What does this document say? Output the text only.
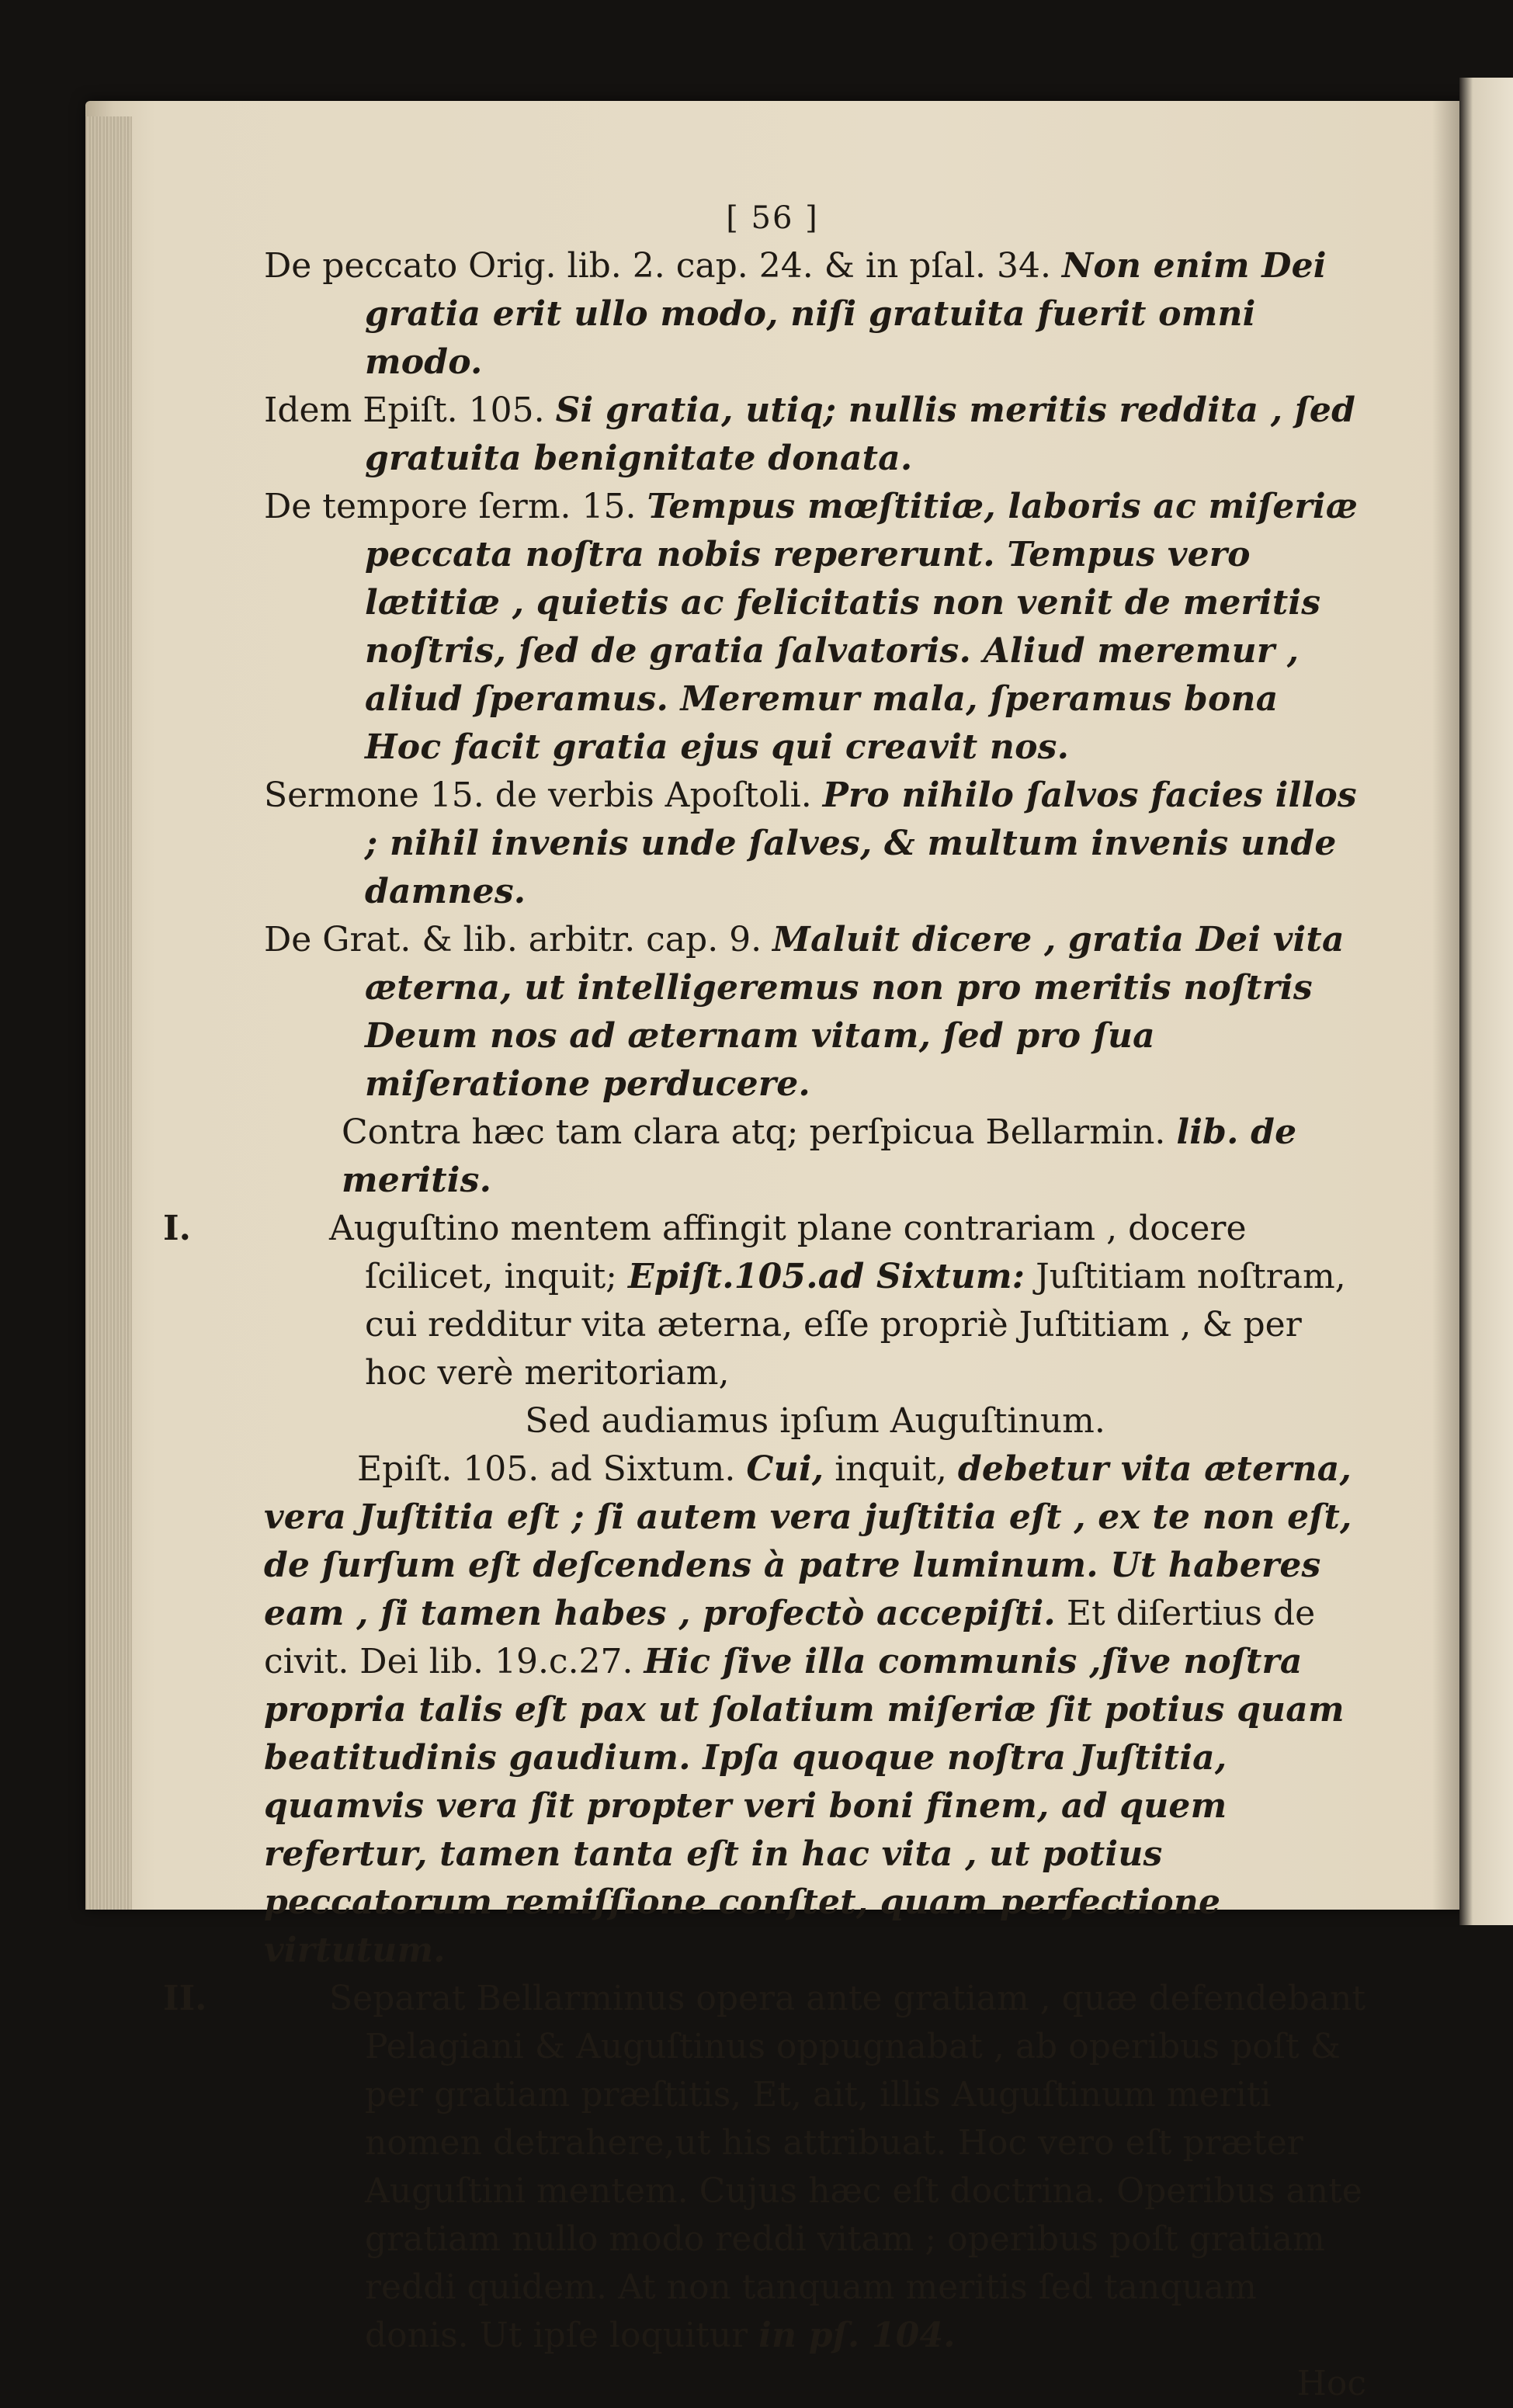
[ 56 ]

De peccato Orig. lib. 2. cap. 24. & in pſal. 34. Non enim Dei gratia erit ullo modo, niſi gratuita fuerit omni modo.

Idem Epiſt. 105. Si gratia, utiq; nullis meritis reddita , ſed gratuita benignitate donata.

De tempore ſerm. 15. Tempus mœſtitiæ, laboris ac miſeriæ peccata noſtra nobis repererunt. Tempus vero lætitiæ , quietis ac felicitatis non venit de meritis noſtris, ſed de gratia ſalvatoris. Aliud meremur , aliud ſperamus. Meremur mala, ſperamus bona Hoc facit gratia ejus qui creavit nos.

Sermone 15. de verbis Apoſtoli. Pro nihilo ſalvos facies illos ; nihil invenis unde ſalves, & multum invenis unde damnes.

De Grat. & lib. arbitr. cap. 9. Maluit dicere , gratia Dei vita æterna, ut intelligeremus non pro meritis noſtris Deum nos ad æternam vitam, ſed pro ſua miſeratione perducere.

Contra hæc tam clara atq; perſpicua Bellarmin. lib. de meritis.

I.	Auguſtino mentem affingit plane contrariam , docere ſcilicet, inquit; Epiſt.105.ad Sixtum: Juſtitiam noſtram, cui redditur vita æterna, eſſe propriè Juſtitiam , & per hoc verè meritoriam,

Sed audiamus ipſum Auguſtinum.

Epiſt. 105. ad Sixtum. Cui, inquit, debetur vita æterna, vera Juſtitia eſt ; ſi autem vera juſtitia eſt , ex te non eſt, de ſurſum eſt deſcendens à patre luminum. Ut haberes eam , ſi tamen habes , profectò accepiſti. Et diſertius de civit. Dei lib. 19.c.27. Hic ſive illa communis ,ſive noſtra propria talis eſt pax ut ſolatium miſeriæ ſit potius quam beatitudinis gaudium. Ipſa quoque noſtra Juſtitia, quamvis vera ſit propter veri boni finem, ad quem refertur, tamen tanta eſt in hac vita , ut potius peccatorum remiſſione conſtet, quam perfectione virtutum.

II.	Separat Bellarminus opera ante gratiam , quæ defendebant Pelagiani & Auguſtinus oppugnabat , ab operibus poſt & per gratiam præſtitis, Et, ait, illis Auguſtinum meriti nomen detrahere,ut his attribuat. Hoc vero eſt præter Auguſtini mentem. Cujus hæc eſt doctrina. Operibus ante gratiam nullo modo reddi vitam ; operibus poſt gratiam reddi quidem. At non tanquam meritis ſed tanquam donis. Ut ipſe loquitur in pſ. 104.

Hoc
